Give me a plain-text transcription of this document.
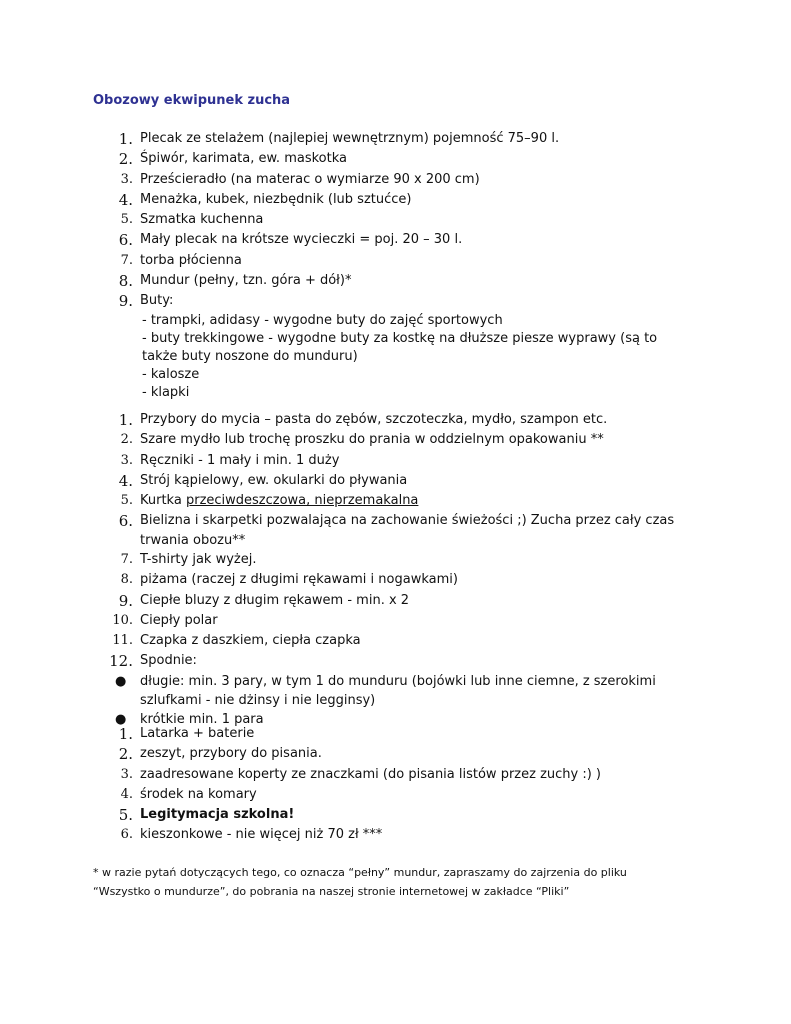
Obozowy ekwipunek zucha
1. Plecak ze stelażem (najlepiej wewnętrznym) pojemność 75–90 l.
2. Śpiwór, karimata, ew. maskotka
3. Prześcieradło (na materac o wymiarze 90 x 200 cm)
4. Menażka, kubek, niezbędnik (lub sztućce)
5. Szmatka kuchenna
6. Mały plecak na krótsze wycieczki = poj. 20 – 30 l.
7. torba płócienna
8. Mundur (pełny, tzn. góra + dół)*
9. Buty:
- trampki, adidasy - wygodne buty do zajęć sportowych
- buty trekkingowe - wygodne buty za kostkę na dłuższe piesze wyprawy (są to
także buty noszone do munduru)
- kalosze
- klapki
1. Przybory do mycia – pasta do zębów, szczoteczka, mydło, szampon etc.
2. Szare mydło lub trochę proszku do prania w oddzielnym opakowaniu **
3. Ręczniki - 1 mały i min. 1 duży
4. Strój kąpielowy, ew. okularki do pływania
5. Kurtka przeciwdeszczowa, nieprzemakalna
6. Bielizna i skarpetki pozwalająca na zachowanie świeżości ;) Zucha przez cały czas
trwania obozu**
7. T-shirty jak wyżej.
8. piżama (raczej z długimi rękawami i nogawkami)
9. Ciepłe bluzy z długim rękawem - min. x 2
10. Ciepły polar
11. Czapka z daszkiem, ciepła czapka
12. Spodnie:
● długie: min. 3 pary, w tym 1 do munduru (bojówki lub inne ciemne, z szerokimi
szlufkami - nie dżinsy i nie legginsy)
● krótkie min. 1 para
1. Latarka + baterie
2. zeszyt, przybory do pisania.
3. zaadresowane koperty ze znaczkami (do pisania listów przez zuchy :) )
4. środek na komary
5. Legitymacja szkolna!
6. kieszonkowe - nie więcej niż 70 zł ***
* w razie pytań dotyczących tego, co oznacza “pełny” mundur, zapraszamy do zajrzenia do pliku
“Wszystko o mundurze”, do pobrania na naszej stronie internetowej w zakładce “Pliki”
